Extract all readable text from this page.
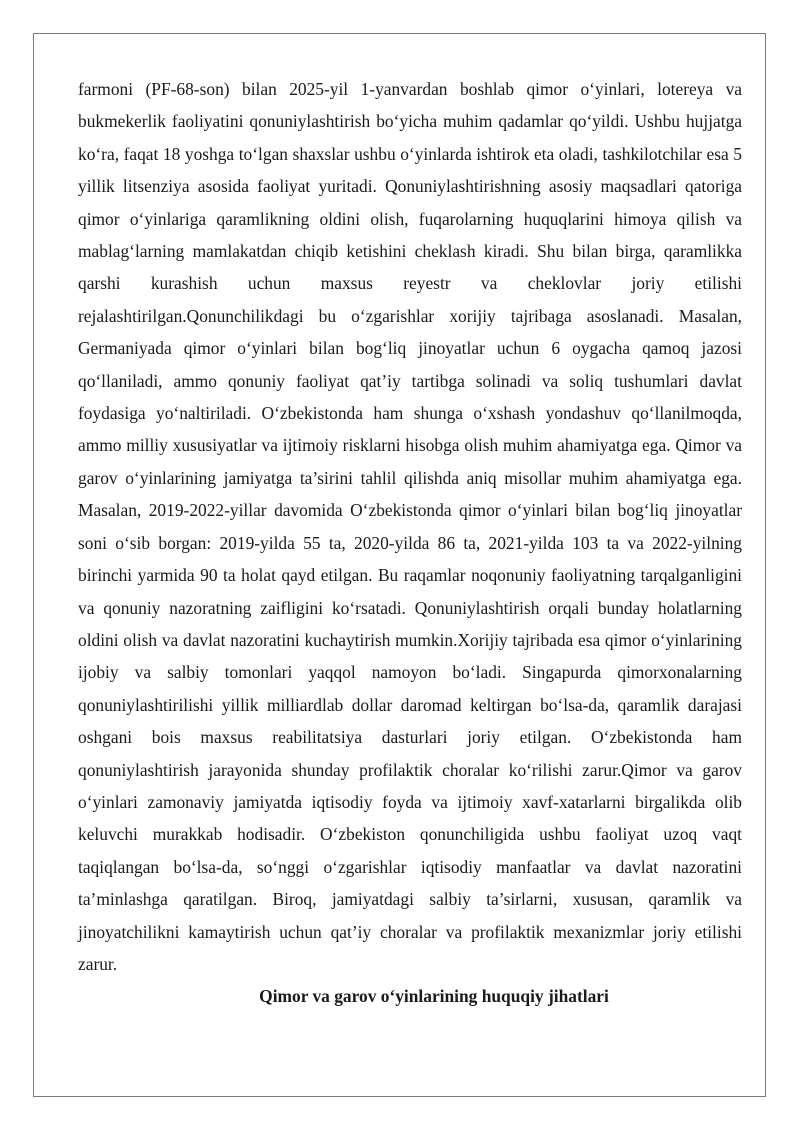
farmoni (PF-68-son) bilan 2025-yil 1-yanvardan boshlab qimor o‘yinlari, lotereya va bukmekerlik faoliyatini qonuniylashtirish bo‘yicha muhim qadamlar qo‘yildi. Ushbu hujjatga ko‘ra, faqat 18 yoshga to‘lgan shaxslar ushbu o‘yinlarda ishtirok eta oladi, tashkilotchilar esa 5 yillik litsenziya asosida faoliyat yuritadi. Qonuniylashtirishning asosiy maqsadlari qatoriga qimor o‘yinlariga qaramlikning oldini olish, fuqarolarning huquqlarini himoya qilish va mablag‘larning mamlakatdan chiqib ketishini cheklash kiradi. Shu bilan birga, qaramlikka qarshi kurashish uchun maxsus reyestr va cheklovlar joriy etilishi rejalashtirilgan.Qonunchilikdagi bu o‘zgarishlar xorijiy tajribaga asoslanadi. Masalan, Germaniyada qimor o‘yinlari bilan bog‘liq jinoyatlar uchun 6 oygacha qamoq jazosi qo‘llaniladi, ammo qonuniy faoliyat qat’iy tartibga solinadi va soliq tushumlari davlat foydasiga yo‘naltiriladi. O‘zbekistonda ham shunga o‘xshash yondashuv qo‘llanilmoqda, ammo milliy xususiyatlar va ijtimoiy risklarni hisobga olish muhim ahamiyatga ega. Qimor va garov o‘yinlarining jamiyatga ta’sirini tahlil qilishda aniq misollar muhim ahamiyatga ega. Masalan, 2019-2022-yillar davomida O‘zbekistonda qimor o‘yinlari bilan bog‘liq jinoyatlar soni o‘sib borgan: 2019-yilda 55 ta, 2020-yilda 86 ta, 2021-yilda 103 ta va 2022-yilning birinchi yarmida 90 ta holat qayd etilgan. Bu raqamlar noqonuniy faoliyatning tarqalganligini va qonuniy nazoratning zaifligini ko‘rsatadi. Qonuniylashtirish orqali bunday holatlarning oldini olish va davlat nazoratini kuchaytirish mumkin.Xorijiy tajribada esa qimor o‘yinlarining ijobiy va salbiy tomonlari yaqqol namoyon bo‘ladi. Singapurda qimorxonalarning qonuniylashtirilishi yillik milliardlab dollar daromad keltirgan bo‘lsa-da, qaramlik darajasi oshgani bois maxsus reabilitatsiya dasturlari joriy etilgan. O‘zbekistonda ham qonuniylashtirish jarayonida shunday profilaktik choralar ko‘rilishi zarur.Qimor va garov o‘yinlari zamonaviy jamiyatda iqtisodiy foyda va ijtimoiy xavf-xatarlarni birgalikda olib keluvchi murakkab hodisadir. O‘zbekiston qonunchiligida ushbu faoliyat uzoq vaqt taqiqlangan bo‘lsa-da, so‘nggi o‘zgarishlar iqtisodiy manfaatlar va davlat nazoratini ta’minlashga qaratilgan. Biroq, jamiyatdagi salbiy ta’sirlarni, xususan, qaramlik va jinoyatchilikni kamaytirish uchun qat’iy choralar va profilaktik mexanizmlar joriy etilishi zarur.

Qimor va garov o‘yinlarining huquqiy jihatlari
